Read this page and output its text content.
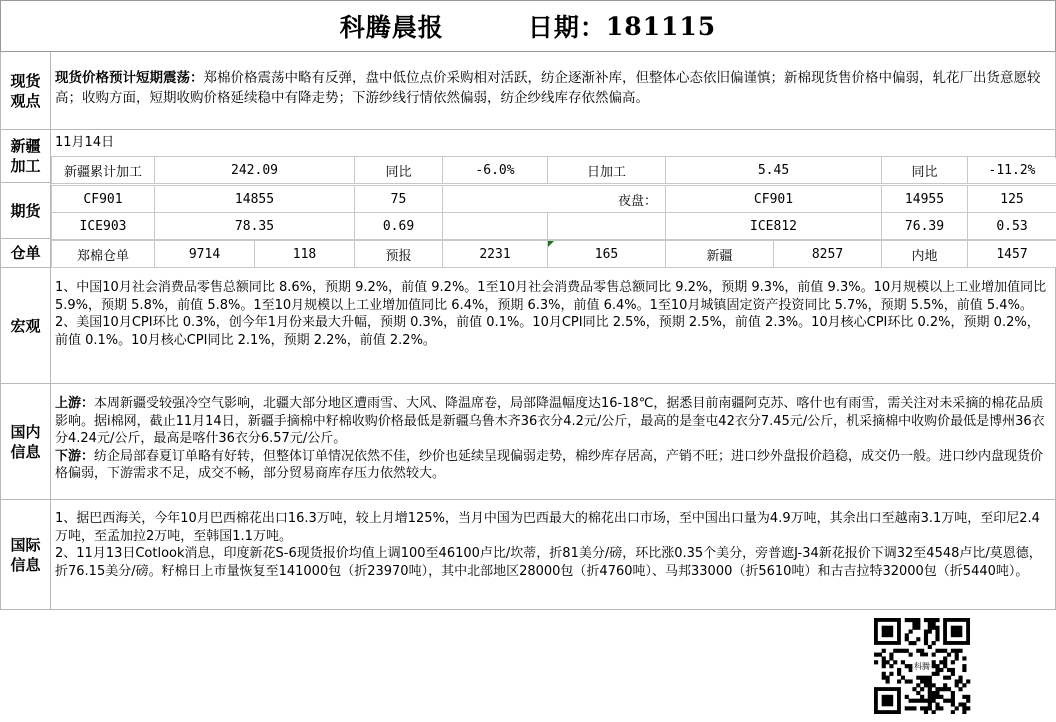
科腾晨报	日期： 181115
现货观点
现货价格预计短期震荡：郑棉价格震荡中略有反弹，盘中低位点价采购相对活跃，纺企逐渐补库，但整体心态依旧偏谨慎；新棉现货售价格中偏弱，轧花厂出货意愿较高；收购方面，短期收购价格延续稳中有降走势；下游纱线行情依然偏弱，纺企纱线库存依然偏高。
新疆加工
11月14日
新疆累计加工	242.09	同比	-6.0%	日加工	5.45	同比	-11.2%
期货
CF901	14855	75		夜盘：	CF901	14955	125
ICE903	78.35	0.69			ICE812	76.39	0.53
仓单	郑棉仓单	9714	118	预报	2231	165	新疆	8257	内地	1457
宏观
1、中国10月社会消费品零售总额同比 8.6%，预期 9.2%，前值 9.2%。1至10月社会消费品零售总额同比 9.2%，预期 9.3%，前值 9.3%。10月规模以上工业增加值同比 5.9%，预期 5.8%，前值 5.8%。1至10月规模以上工业增加值同比 6.4%，预期 6.3%，前值 6.4%。1至10月城镇固定资产投资同比 5.7%，预期 5.5%，前值 5.4%。
2、美国10月CPI环比 0.3%，创今年1月份来最大升幅，预期 0.3%，前值 0.1%。10月CPI同比 2.5%，预期 2.5%，前值 2.3%。10月核心CPI环比 0.2%，预期 0.2%，前值 0.1%。10月核心CPI同比 2.1%，预期 2.2%，前值 2.2%。
国内信息
上游：本周新疆受较强冷空气影响，北疆大部分地区遭雨雪、大风、降温席卷，局部降温幅度达16-18℃，据悉目前南疆阿克苏、喀什也有雨雪，需关注对未采摘的棉花品质影响。据i棉网，截止11月14日，新疆手摘棉中籽棉收购价格最低是新疆乌鲁木齐36衣分4.2元/公斤，最高的是奎屯42衣分7.45元/公斤，机采摘棉中收购价最低是博州36衣分4.24元/公斤，最高是喀什36衣分6.57元/公斤。
下游：纺企局部春夏订单略有好转，但整体订单情况依然不佳，纱价也延续呈现偏弱走势，棉纱库存居高，产销不旺；进口纱外盘报价趋稳，成交仍一般。进口纱内盘现货价格偏弱，下游需求不足，成交不畅，部分贸易商库存压力依然较大。
国际信息
1、据巴西海关，今年10月巴西棉花出口16.3万吨，较上月增125%，当月中国为巴西最大的棉花出口市场，至中国出口量为4.9万吨，其余出口至越南3.1万吨，至印尼2.4万吨，至孟加拉2万吨，至韩国1.1万吨。
2、11月13日Cotlook消息，印度新花S-6现货报价均值上调100至46100卢比/坎蒂，折81美分/磅，环比涨0.35个美分，旁普遮J-34新花报价下调32至4548卢比/莫恩德，折76.15美分/磅。籽棉日上市量恢复至141000包（折23970吨），其中北部地区28000包（折4760吨）、马邦33000（折5610吨）和古吉拉特32000包（折5440吨）。
科腾
